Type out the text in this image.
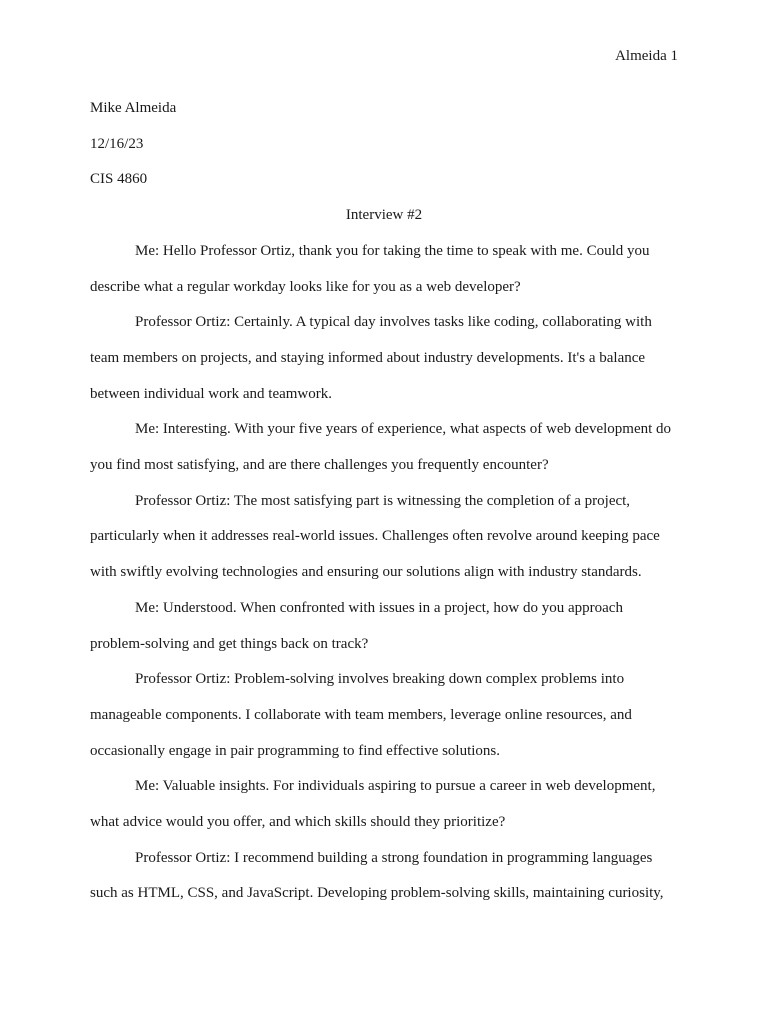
Almeida 1

Mike Almeida

12/16/23

CIS 4860

Interview #2

Me: Hello Professor Ortiz, thank you for taking the time to speak with me. Could you describe what a regular workday looks like for you as a web developer?

Professor Ortiz: Certainly. A typical day involves tasks like coding, collaborating with team members on projects, and staying informed about industry developments. It's a balance between individual work and teamwork.

Me: Interesting. With your five years of experience, what aspects of web development do you find most satisfying, and are there challenges you frequently encounter?

Professor Ortiz: The most satisfying part is witnessing the completion of a project, particularly when it addresses real-world issues. Challenges often revolve around keeping pace with swiftly evolving technologies and ensuring our solutions align with industry standards.

Me: Understood. When confronted with issues in a project, how do you approach problem-solving and get things back on track?

Professor Ortiz: Problem-solving involves breaking down complex problems into manageable components. I collaborate with team members, leverage online resources, and occasionally engage in pair programming to find effective solutions.

Me: Valuable insights. For individuals aspiring to pursue a career in web development, what advice would you offer, and which skills should they prioritize?

Professor Ortiz: I recommend building a strong foundation in programming languages such as HTML, CSS, and JavaScript. Developing problem-solving skills, maintaining curiosity,
